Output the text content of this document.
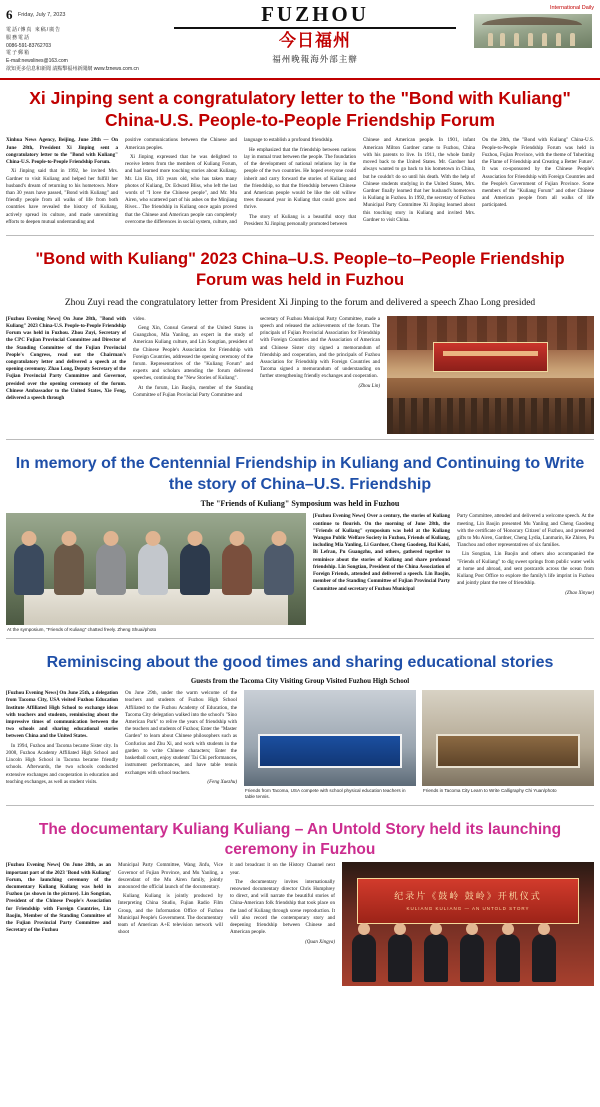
6 Friday, July 7, 2023
電話/傳真 來稿/廣告
服務電話
0086-591-83762703
電子郵箱
E-mail:newslines@163.com
欲知更多信息和新聞 請點擊福州新聞網 www.fznews.com.cn
FUZHOU
今日福州
福州晚報海外部主辦
International Daily
Xi Jinping sent a congratulatory letter to the "Bond with Kuliang" China-U.S. People-to-People Friendship Forum

Xinhua News Agency, Beijing, June 28th — On June 28th, President Xi Jinping sent a congratulatory letter to the "Bond with Kuliang" China-U.S. People-to-People Friendship Forum.

Xi Jinping said that in 1992, he invited Mrs. Gardner to visit Kuliang and helped her fulfill her husband's dream of returning to his hometown. More than 30 years have passed, "Bond with Kuliang" and friendly people from all walks of life from both countries have revealed the history of Kuliang, actively spread its culture, and made unremitting efforts to deepen mutual understanding and

positive communications between the Chinese and American peoples.

Xi Jinping expressed that he was delighted to receive letters from the members of Kuliang Forum, and had learned more touching stories about Kuliang. Mr. Lin Ein, 103 years old, who has taken many photos of Kuliang, Dr. Edward Bliss, who left the last words of "I love the Chinese people", and Mr. Mu Airen, who scattered part of his ashes on the Minjiang River... The friendship in Kuliang once again proved that the Chinese and American people can completely overcome the differences in social system, culture, and

language to establish a profound friendship.

He emphasized that the friendship between nations lay in mutual trust between the people. The foundation of the development of national relations lay in the people of the two countries. He hoped everyone could inherit and carry forward the stories of Kuliang and the friendship, so that the friendship between Chinese and American people would be like the old willow trees thousand year in Kuliang that could grow and thrive.

The story of Kuliang is a beautiful story that President Xi Jinping personally promoted between

Chinese and American people. In 1901, infant American Milton Gardner came to Fuzhou, China with his parents to live. In 1911, the whole family moved back to the United States. Mr. Gardner had always wanted to go back to his hometown in China, but he couldn't do so until his death. With the help of Chinese students studying in the United States, Mrs. Gardner finally learned that her husband's hometown is Kuliang in Fuzhou. In 1992, the secretary of Fuzhou Municipal Party Committee Xi Jinping learned about this touching story in Kuliang and invited Mrs. Gardner to visit China.

On the 28th, the "Bond with Kuliang" China-U.S. People-to-People Friendship Forum was held in Fuzhou, Fujian Province, with the theme of 'Inheriting the Flame of Friendship and Creating a Better Future'. It was co-sponsored by the Chinese People's Association for Friendship with Foreign Countries and the People's Government of Fujian Province. Some members of the "Kuliang Forum" and other Chinese and American people from all walks of life participated.

"Bond with Kuliang" 2023 China–U.S. People–to–People Friendship Forum was held in Fuzhou
Zhou Zuyi read the congratulatory letter from President Xi Jinping to the forum and delivered a speech Zhao Long presided

[Fuzhou Evening News] On June 28th, "Bond with Kuliang" 2023 China-U.S. People-to-People Friendship Forum was held in Fuzhou. Zhou Zuyi, Secretary of the CPC Fujian Provincial Committee and Director of the Standing Committee of the Fujian Provincial People's Congress, read out the Chairman's congratulatory letter and delivered a speech at the opening ceremony. Zhao Long, Deputy Secretary of the Fujian Provincial Party Committee and Governor, presided over the opening ceremony of the forum. Chinese Ambassador to the United States, Xie Feng, delivered a speech through

video.

Geng Xin, Consul General of the United States in Guangzhou, Mia Yanling, an expert in the study of American Kuliang culture, and Lin Songtian, president of the Chinese People's Association for Friendship with Foreign Countries, addressed the opening ceremony of the forum. Representatives of the "Kuliang Forum" and experts and scholars attending the forum delivered speeches, continuing the "New Stories of Kuliang".

At the forum, Lin Baojin, member of the Standing Committee of Fujian Provincial Party Committee and

secretary of Fuzhou Municipal Party Committee, made a speech and released the achievements of the forum. The principals of Fujian Provincial Association for Friendship with Foreign Countries and the Association of American and Chinese Sister city signed a memorandum of friendship and cooperation, and the principals of Fuzhou Association for Friendship with Foreign Countries and Tacoma signed a memorandum of understanding on further strengthening friendly exchanges and cooperation.

(Zhou Lin)
In memory of the Centennial Friendship in Kuliang and Continuing to Write the story of China–U.S. Friendship
The "Friends of Kuliang" Symposium was held in Fuzhou
At the symposium, "Friends of Kuliang" chatted freely. Zheng Shuai/photo

[Fuzhou Evening News] Over a century, the stories of Kuliang continue to flourish. On the morning of June 28th, the "Friends of Kuliang" symposium was held at the Kuliang Wanguo Public Welfare Society in Fuzhou, Friends of Kuliang, including Mia Yanling, Li Gardner, Cheng Gaodeng, Bai Kaisi, Bi Lefran, Pu Guangzhu, and others, gathered together to reminisce about the stories of Kuliang and share profound friendship. Lin Songtian, President of the China Association of Foreign Friends, attended and delivered a speech. Lin Baojin, member of the Standing Committee of Fujian Provincial Party Committee and secretary of Fuzhou Municipal

Party Committee, attended and delivered a welcome speech. At the meeting, Lin Baojin presented Mu Yanling and Cheng Gaodeng with the certificate of 'Honorary Citizen' of Fuzhou, and presented gifts to Mu Airen, Gardner, Cheng Lydia, Lanmarin, Ke Zhiren, Pu Tianchou and other representatives of six families.

Lin Songtian, Lin Baojin and others also accompanied the "Friends of Kuliang" to dig sweet springs from public water wells at home and abroad, and sent postcards across the ocean from Kuliang Post Office to explore the family's life imprint in Fuzhou and jointly plant the tree of friendship.

(Zhao Xinyue)
Reminiscing about the good times and sharing educational stories
Guests from the Tacoma City Visiting Group Visited Fuzhou High School

[Fuzhou Evening News] On June 25th, a delegation from Tacoma City, USA visited Fuzhou Education Institute Affiliated High School to exchange ideas with teachers and students, reminiscing about the impressive times of communication between the two schools and sharing educational stories between China and the United States.

In 1994, Fuzhou and Tacoma became Sister city. In 2008, Fuzhou Academy Affiliated High School and Lincoln High School in Tacoma became friendly schools. Afterwards, the two schools conducted extensive exchanges and cooperation in education and teaching exchanges, as well as student visits.

On June 29th, under the warm welcome of the teachers and students of Fuzhou High School Affiliated to the Fuzhou Academy of Education, the Tacoma City delegation walked into the school's "Sino American Park" to relive the years of friendship with the teachers and students of Fuzhou; Enter the "Master Garden" to learn about Chinese philosophers such as Confucius and Zhu Xi, and work with students in the garden to write Chinese characters; Enter the basketball court, enjoy students' Tai Chi performances, instrument performances, and have table tennis exchanges with school teachers.

(Feng Xuezhu)
Friends from Tacoma, USA compete with school physical education teachers in table tennis.
Friends in Tacoma City Learn to Write Calligraphy Chi Yuan/photo
The documentary Kuliang Kuliang – An Untold Story held its launching ceremony in Fuzhou

[Fuzhou Evening News] On June 28th, as an important part of the 2023 'Bond with Kuliang' Forum, the launching ceremony of the documentary Kuliang Kuliang was held in Fuzhou (as shown in the picture). Lin Songtian, President of the Chinese People's Association for Friendship with Foreign Countries, Lin Baojin, Member of the Standing Committee of the Fujian Provincial Party Committee and Secretary of the Fuzhou

Municipal Party Committee, Wang Jinfu, Vice Governor of Fujian Province, and Mu Yanling, a descendant of the Mu Airen family, jointly announced the official launch of the documentary.

Kuliang Kuliang is jointly produced by Interpreting China Studio, Fujian Radio Film Group, and the Information Office of Fuzhou Municipal People's Government. The documentary team of American A+E television network will shoot

it and broadcast it on the History Channel next year.

The documentary invites internationally renowned documentary director Chris Humphrey to direct, and will narrate the beautiful stories of China-American folk friendship that took place on the land of Kuliang through scene reproduction. It will also record the contemporary story and deepening friendship between Chinese and American people.

(Quan Xingya)
纪录片《鼓岭 鼓岭》开机仪式
KULIANG KULIANG — AN UNTOLD STORY
